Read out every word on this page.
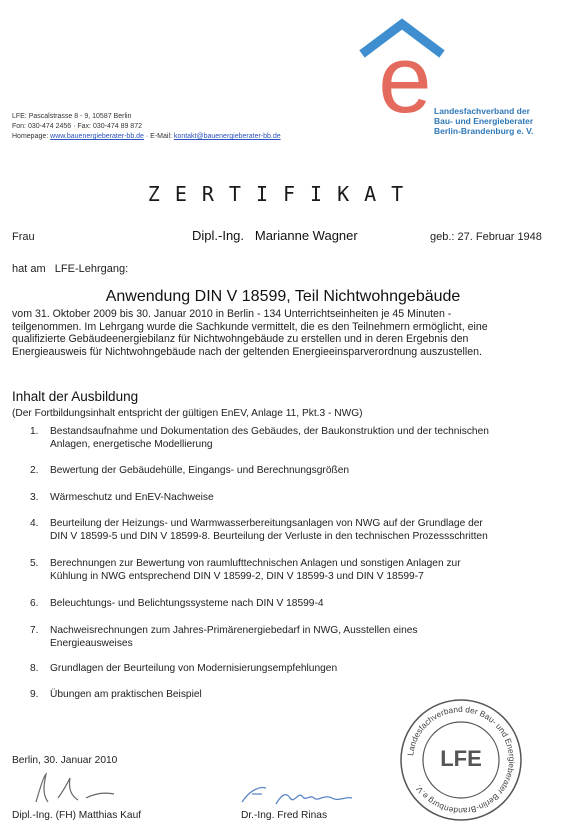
LFE: Pascalstrasse 8 - 9, 10587 Berlin
Fon: 030-474 2456 · Fax: 030-474 89 872
Homepage: www.bauenergieberater-bb.de · E-Mail: kontakt@bauenergieberater-bb.de
e Landesfachverband der
Bau- und Energieberater
Berlin-Brandenburg e. V.
ZERTIFIKAT
Frau	Dipl.-Ing. Marianne Wagner	geb.: 27. Februar 1948
hat am   LFE-Lehrgang:
Anwendung DIN V 18599, Teil Nichtwohngebäude
vom 31. Oktober 2009 bis 30. Januar 2010 in Berlin - 134 Unterrichtseinheiten je 45 Minuten -
teilgenommen. Im Lehrgang wurde die Sachkunde vermittelt, die es den Teilnehmern ermöglicht, eine
qualifizierte Gebäudeenergiebilanz für Nichtwohngebäude zu erstellen und in deren Ergebnis den
Energieausweis für Nichtwohngebäude nach der geltenden Energieeinsparverordnung auszustellen.
Inhalt der Ausbildung
(Der Fortbildungsinhalt entspricht der gültigen EnEV, Anlage 11, Pkt.3 - NWG)
1. Bestandsaufnahme und Dokumentation des Gebäudes, der Baukonstruktion und der technischen
Anlagen, energetische Modellierung
2. Bewertung der Gebäudehülle, Eingangs- und Berechnungsgrößen
3. Wärmeschutz und EnEV-Nachweise
4. Beurteilung der Heizungs- und Warmwasserbereitungsanlagen von NWG auf der Grundlage der
DIN V 18599-5 und DIN V 18599-8. Beurteilung der Verluste in den technischen Prozessschritten
5. Berechnungen zur Bewertung von raumlufttechnischen Anlagen und sonstigen Anlagen zur
Kühlung in NWG entsprechend DIN V 18599-2, DIN V 18599-3 und DIN V 18599-7
6. Beleuchtungs- und Belichtungssysteme nach DIN V 18599-4
7. Nachweisrechnungen zum Jahres-Primärenergiebedarf in NWG, Ausstellen eines
Energieausweises
8. Grundlagen der Beurteilung von Modernisierungsempfehlungen
9. Übungen am praktischen Beispiel
Berlin, 30. Januar 2010
Dipl.-Ing. (FH) Matthias Kauf	Dr.-Ing. Fred Rinas
Landesfachverband der Bau- und Energieberater Berlin-Brandenburg e.V.
LFE
